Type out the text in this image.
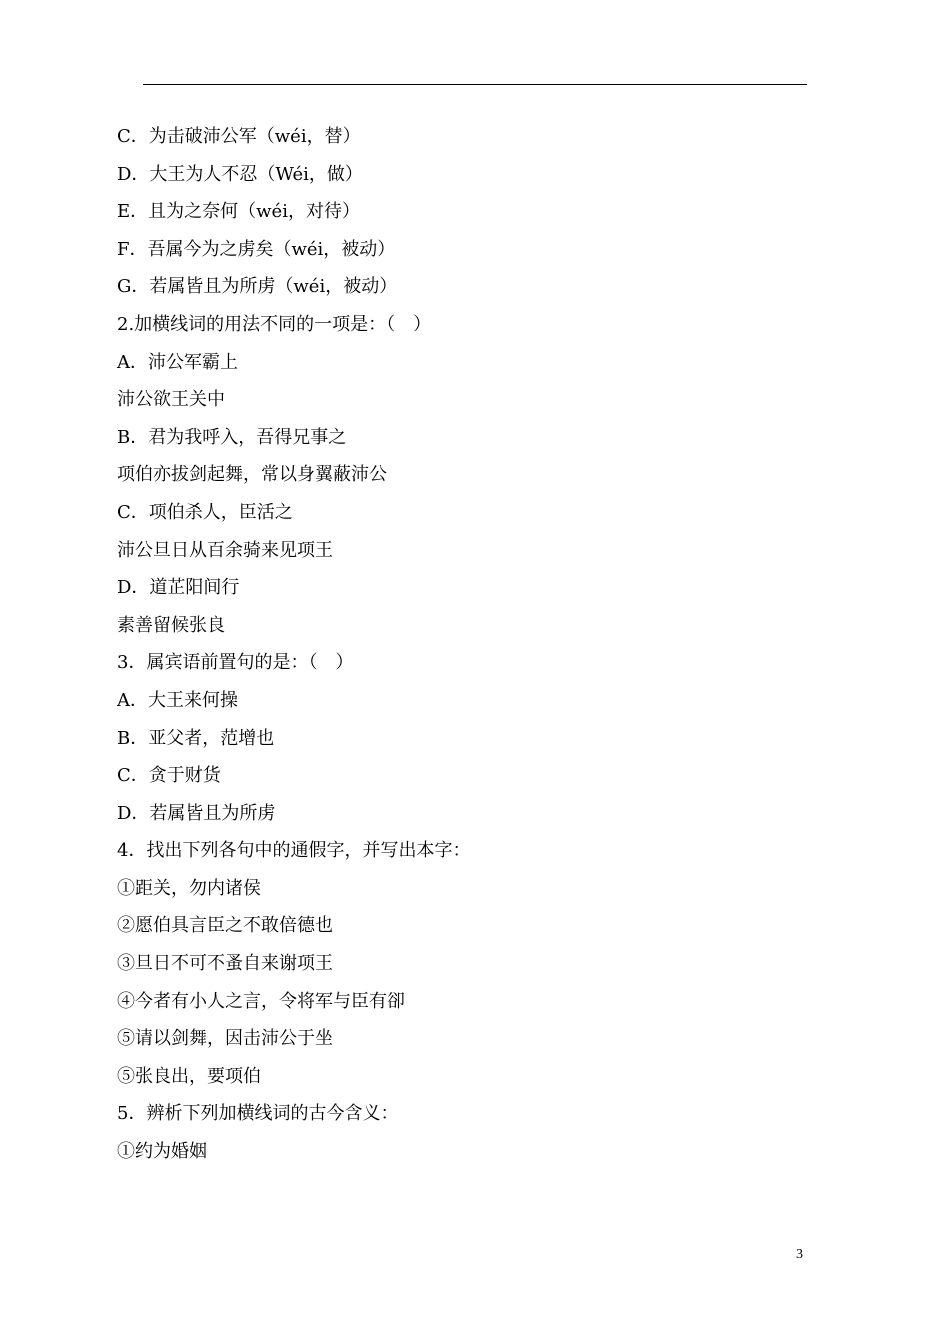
C．为击破沛公军（wéi，替）
D．大王为人不忍（Wéi，做）
E．且为之奈何（wéi，对待）
F．吾属今为之虏矣（wéi，被动）
G．若属皆且为所虏（wéi，被动）
2.加横线词的用法不同的一项是：（　）
A．沛公军霸上
沛公欲王关中
B．君为我呼入，吾得兄事之
项伯亦拔剑起舞，常以身翼蔽沛公
C．项伯杀人，臣活之
沛公旦日从百余骑来见项王
D．道芷阳间行
素善留候张良
3．属宾语前置句的是：（　）
A．大王来何操
B．亚父者，范增也
C．贪于财货
D．若属皆且为所虏
4．找出下列各句中的通假字，并写出本字：
①距关，勿内诸侯
②愿伯具言臣之不敢倍德也
③旦日不可不蚤自来谢项王
④今者有小人之言，令将军与臣有卻
⑤请以剑舞，因击沛公于坐
⑤张良出，要项伯
5．辨析下列加横线词的古今含义：
①约为婚姻
3
